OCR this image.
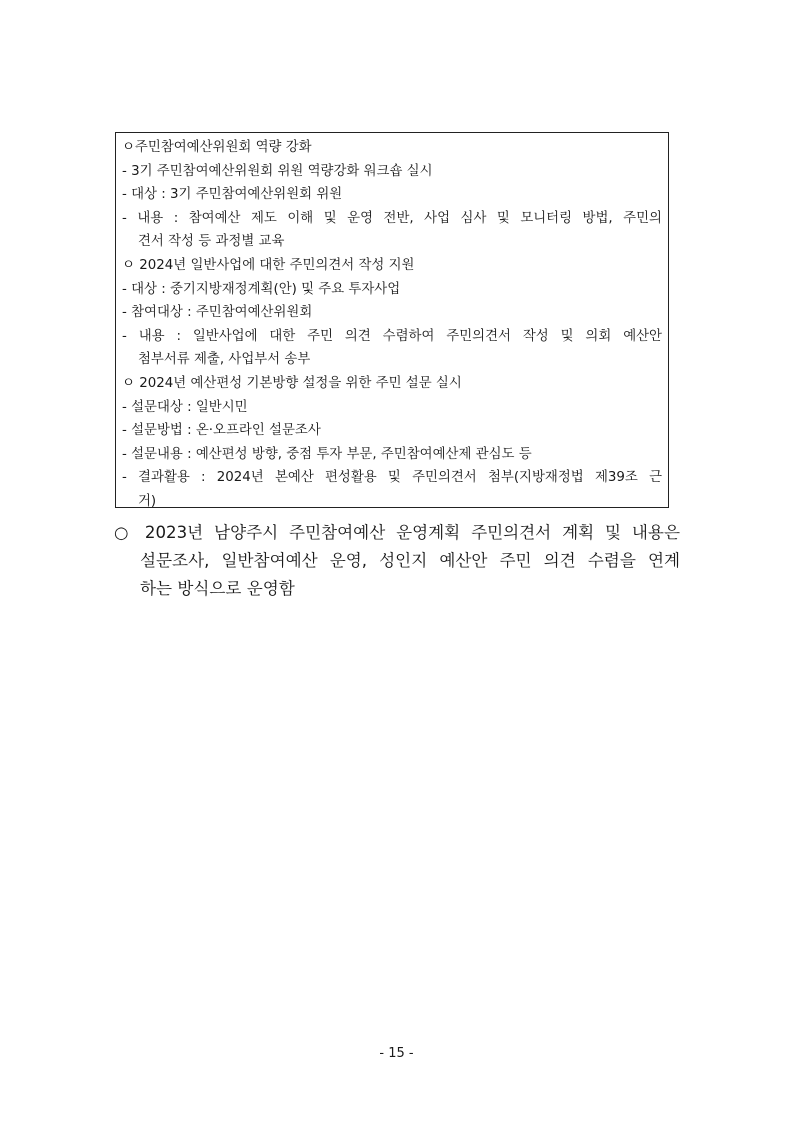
ㅇ주민참여예산위원회 역량 강화
- 3기 주민참여예산위원회 위원 역량강화 워크숍 실시
- 대상 : 3기 주민참여예산위원회 위원
- 내용 : 참여예산 제도 이해 및 운영 전반, 사업 심사 및 모니터링 방법, 주민의
견서 작성 등 과정별 교육
ㅇ 2024년 일반사업에 대한 주민의견서 작성 지원
- 대상 : 중기지방재정계획(안) 및 주요 투자사업
- 참여대상 : 주민참여예산위원회
- 내용 : 일반사업에 대한 주민 의견 수렴하여 주민의견서 작성 및 의회 예산안
첨부서류 제출, 사업부서 송부
ㅇ 2024년 예산편성 기본방향 설정을 위한 주민 설문 실시
- 설문대상 : 일반시민
- 설문방법 : 온·오프라인 설문조사
- 설문내용 : 예산편성 방향, 중점 투자 부문, 주민참여예산제 관심도 등
- 결과활용 : 2024년 본예산 편성활용 및 주민의견서 첨부(지방재정법 제39조 근
거)
○ 2023년 남양주시 주민참여예산 운영계획 주민의견서 계획 및 내용은
설문조사, 일반참여예산 운영, 성인지 예산안 주민 의견 수렴을 연계
하는 방식으로 운영함
- 15 -
